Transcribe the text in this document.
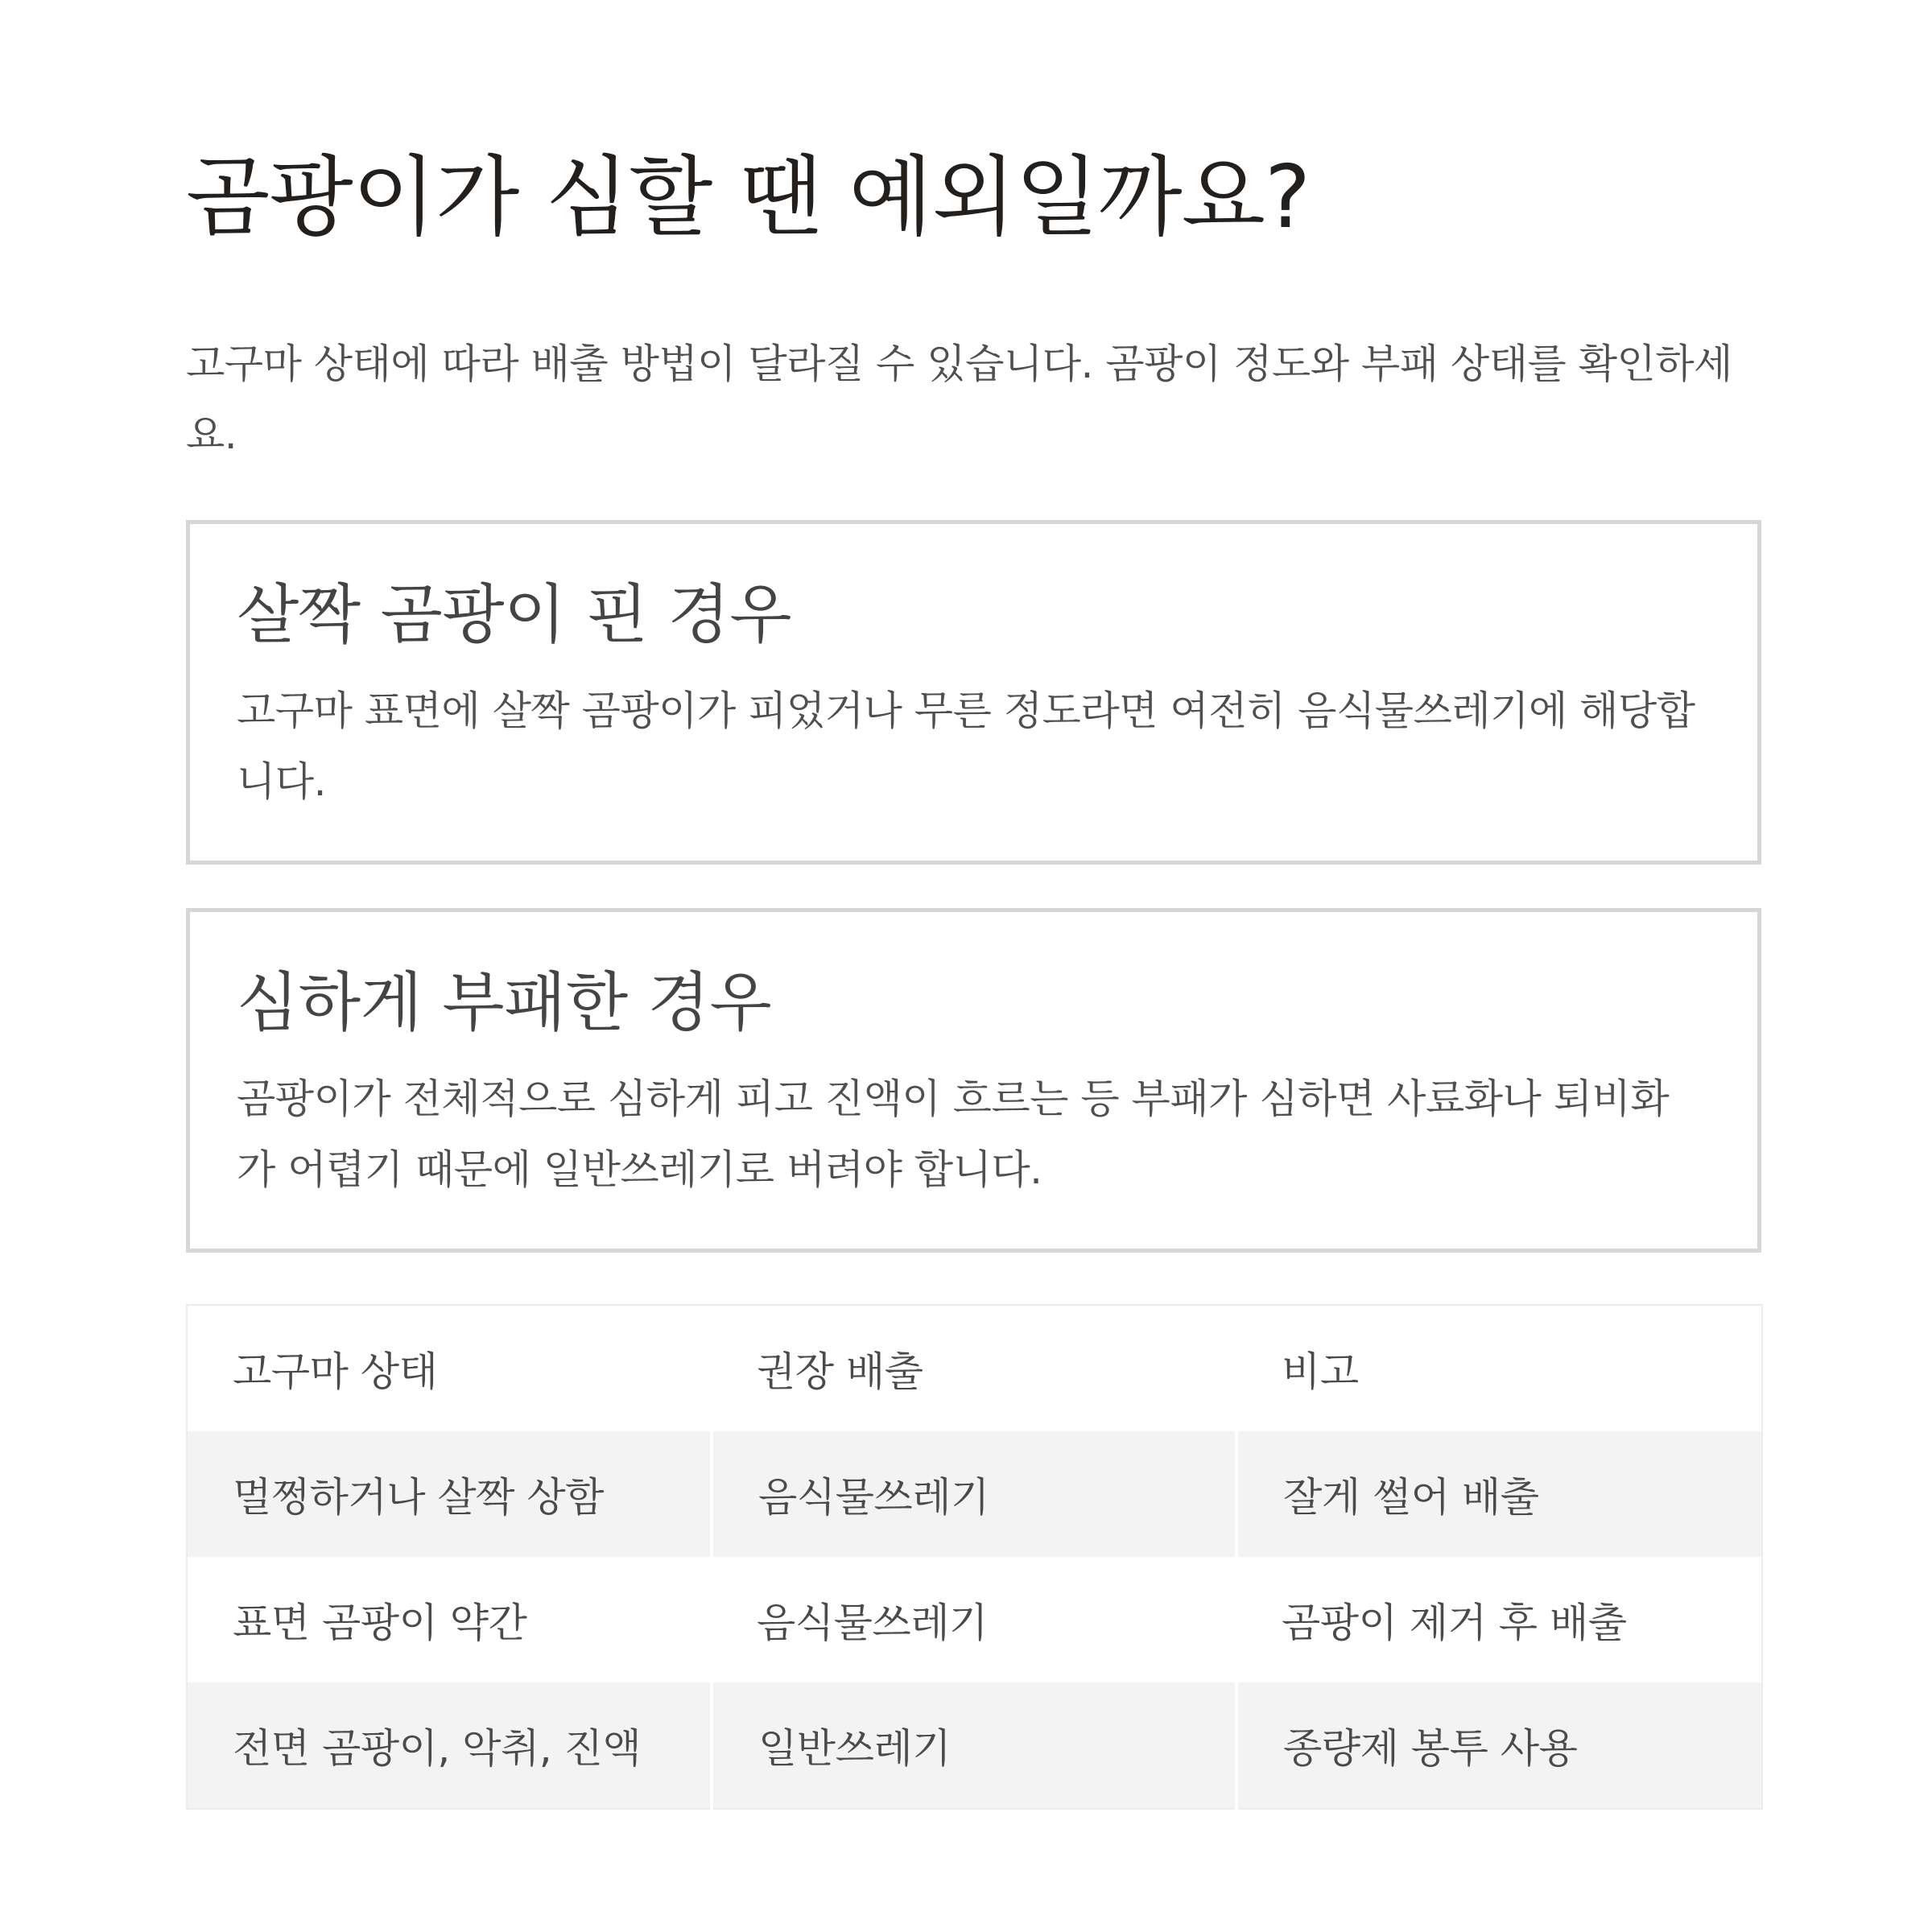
곰팡이가 심할 땐 예외일까요?

고구마 상태에 따라 배출 방법이 달라질 수 있습니다. 곰팡이 정도와 부패 상태를 확인하세요.

살짝 곰팡이 핀 경우

고구마 표면에 살짝 곰팡이가 피었거나 무른 정도라면 여전히 음식물쓰레기에 해당합니다.

심하게 부패한 경우

곰팡이가 전체적으로 심하게 피고 진액이 흐르는 등 부패가 심하면 사료화나 퇴비화가 어렵기 때문에 일반쓰레기로 버려야 합니다.

고구마 상태	권장 배출	비고
멀쩡하거나 살짝 상함	음식물쓰레기	잘게 썰어 배출
표면 곰팡이 약간	음식물쓰레기	곰팡이 제거 후 배출
전면 곰팡이, 악취, 진액	일반쓰레기	종량제 봉투 사용
